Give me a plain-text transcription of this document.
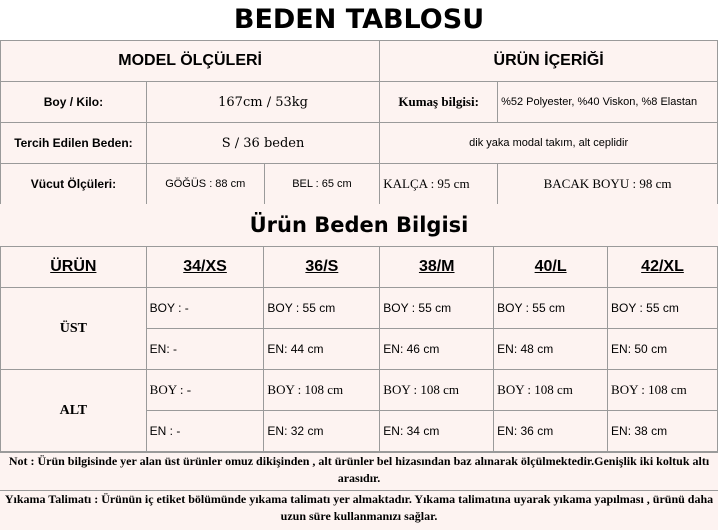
BEDEN TABLOSU
MODEL ÖLÇÜLERİ			ÜRÜN İÇERİĞİ	
Boy / Kilo:	167cm / 53kg		Kumaş bilgisi:	%52 Polyester, %40 Viskon, %8 Elastan
Tercih Edilen Beden:	S / 36 beden		dik yaka modal takım, alt ceplidir	
Vücut Ölçüleri:	GÖĞÜS : 88 cm	BEL : 65 cm	KALÇA : 95 cm	BACAK BOYU : 98 cm
Ürün Beden Bilgisi
ÜRÜN	34/XS	36/S	38/M	40/L	42/XL
ÜST	BOY : -	BOY : 55 cm	BOY : 55 cm	BOY : 55 cm	BOY : 55 cm
	EN: -	EN: 44 cm	EN: 46 cm	EN: 48 cm	EN: 50 cm
ALT	BOY : -	BOY : 108 cm	BOY : 108 cm	BOY : 108 cm	BOY : 108 cm
	EN : -	EN: 32 cm	EN: 34 cm	EN: 36 cm	EN: 38 cm
Not : Ürün bilgisinde yer alan üst ürünler omuz dikişinden , alt ürünler bel hizasından baz alınarak ölçülmektedir.Genişlik iki koltuk altı arasıdır.
Yıkama Talimatı : Ürünün iç etiket bölümünde yıkama talimatı yer almaktadır. Yıkama talimatına uyarak yıkama yapılması , ürünü daha uzun süre kullanmanızı sağlar.
